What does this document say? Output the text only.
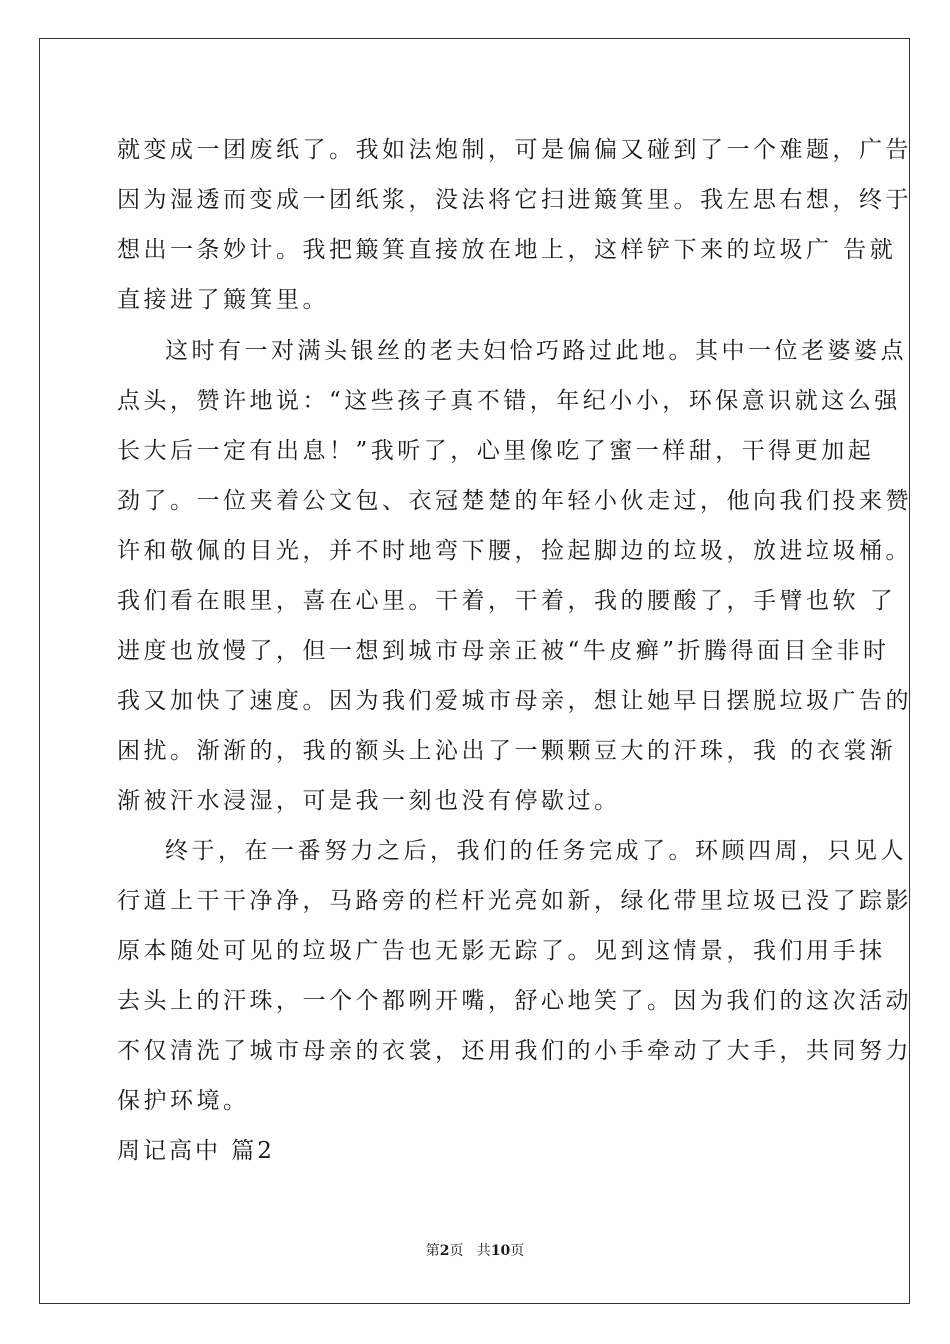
就变成一团废纸了。我如法炮制，可是偏偏又碰到了一个难题，广告
因为湿透而变成一团纸浆，没法将它扫进簸箕里。我左思右想，终于
想出一条妙计。我把簸箕直接放在地上，这样铲下来的垃圾广 告就
直接进了簸箕里。
这时有一对满头银丝的老夫妇恰巧路过此地。其中一位老婆婆点
点头，赞许地说：“这些孩子真不错，年纪小小，环保意识就这么强
长大后一定有出息！”我听了，心里像吃了蜜一样甜，干得更加起
劲了。一位夹着公文包、衣冠楚楚的年轻小伙走过，他向我们投来赞
许和敬佩的目光，并不时地弯下腰，捡起脚边的垃圾，放进垃圾桶。
我们看在眼里，喜在心里。干着，干着，我的腰酸了，手臂也软 了
进度也放慢了，但一想到城市母亲正被“牛皮癣”折腾得面目全非时
我又加快了速度。因为我们爱城市母亲，想让她早日摆脱垃圾广告的
困扰。渐渐的，我的额头上沁出了一颗颗豆大的汗珠，我 的衣裳渐
渐被汗水浸湿，可是我一刻也没有停歇过。
终于，在一番努力之后，我们的任务完成了。环顾四周，只见人
行道上干干净净，马路旁的栏杆光亮如新，绿化带里垃圾已没了踪影
原本随处可见的垃圾广告也无影无踪了。见到这情景，我们用手抹
去头上的汗珠，一个个都咧开嘴，舒心地笑了。因为我们的这次活动
不仅清洗了城市母亲的衣裳，还用我们的小手牵动了大手，共同努力
保护环境。
周记高中 篇2
第2页   共10页
